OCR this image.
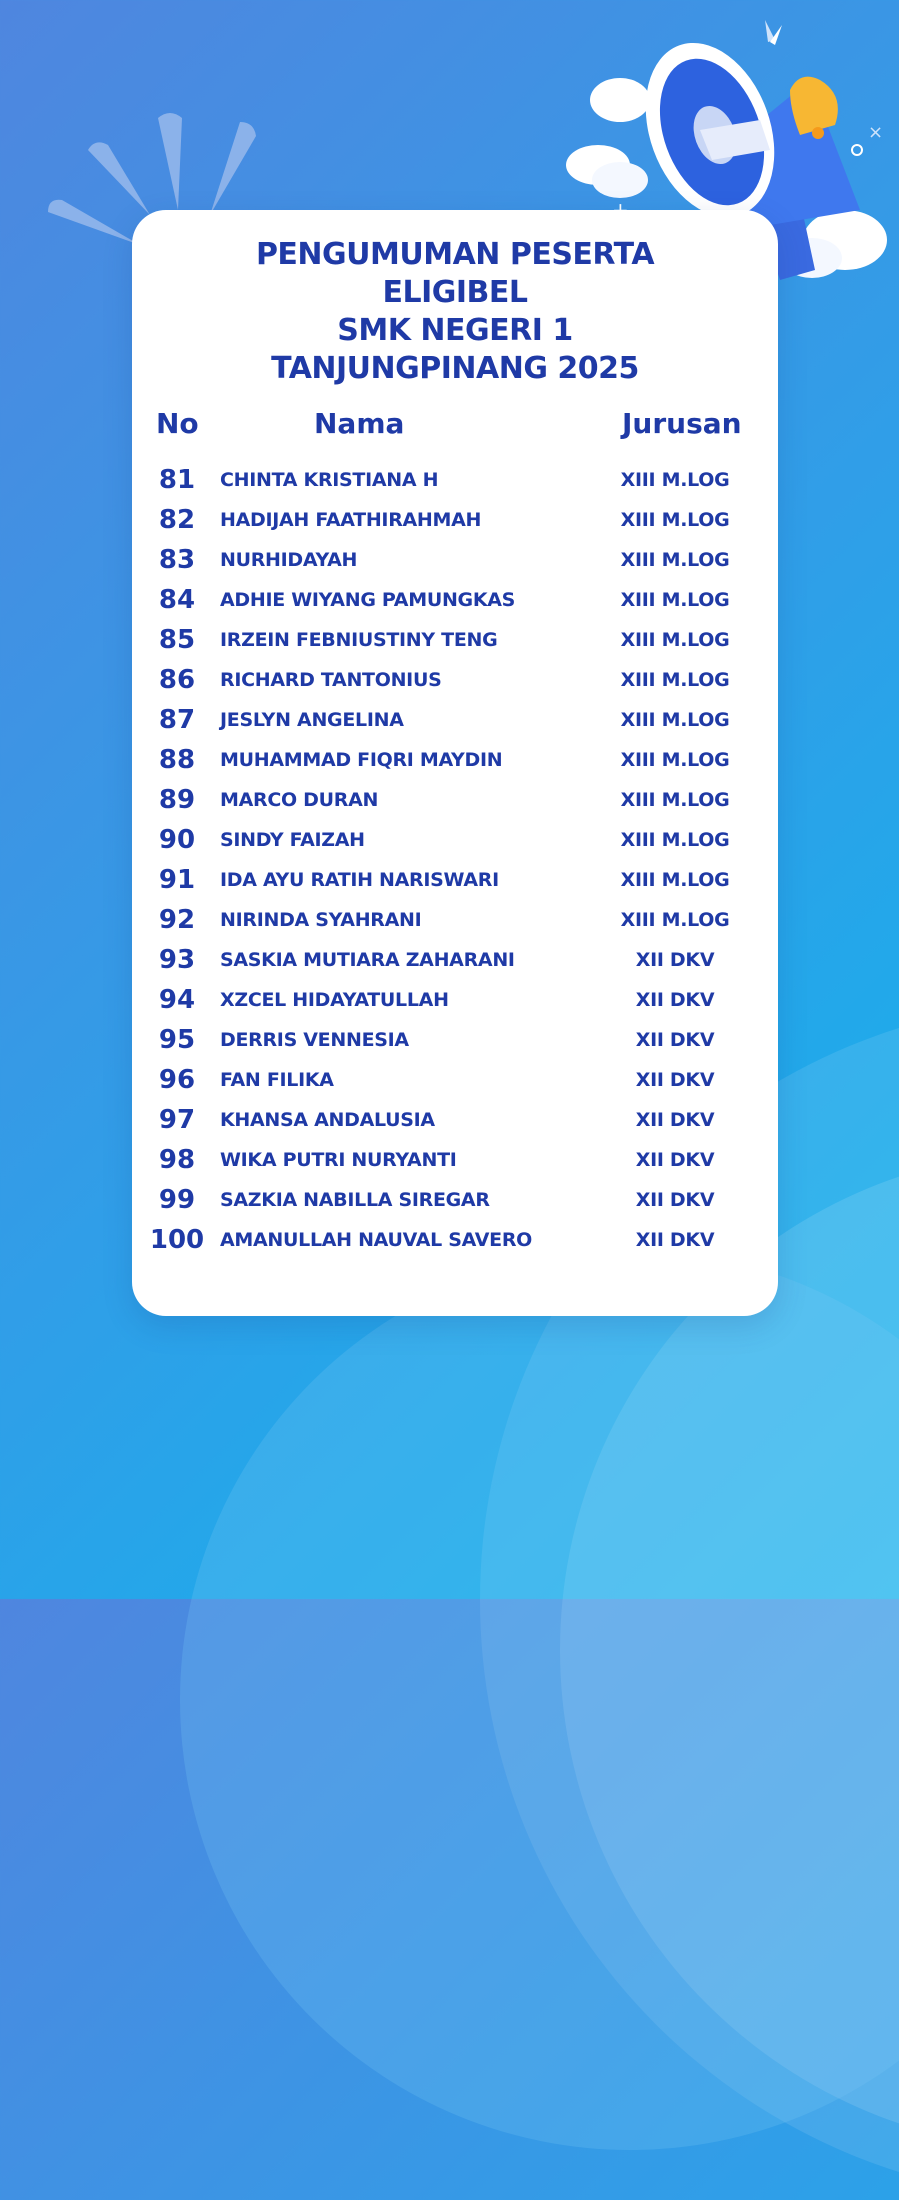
×
PENGUMUMAN PESERTA
ELIGIBEL
SMK NEGERI 1
TANJUNGPINANG 2025
No	Nama	Jurusan
81	CHINTA KRISTIANA H	XIII M.LOG
82	HADIJAH FAATHIRAHMAH	XIII M.LOG
83	NURHIDAYAH	XIII M.LOG
84	ADHIE WIYANG PAMUNGKAS	XIII M.LOG
85	IRZEIN FEBNIUSTINY TENG	XIII M.LOG
86	RICHARD TANTONIUS	XIII M.LOG
87	JESLYN ANGELINA	XIII M.LOG
88	MUHAMMAD FIQRI MAYDIN	XIII M.LOG
89	MARCO DURAN	XIII M.LOG
90	SINDY FAIZAH	XIII M.LOG
91	IDA AYU RATIH NARISWARI	XIII M.LOG
92	NIRINDA SYAHRANI	XIII M.LOG
93	SASKIA MUTIARA ZAHARANI	XII DKV
94	XZCEL HIDAYATULLAH	XII DKV
95	DERRIS VENNESIA	XII DKV
96	FAN FILIKA	XII DKV
97	KHANSA ANDALUSIA	XII DKV
98	WIKA PUTRI NURYANTI	XII DKV
99	SAZKIA NABILLA SIREGAR	XII DKV
100 AMANULLAH NAUVAL SAVERO	XII DKV
